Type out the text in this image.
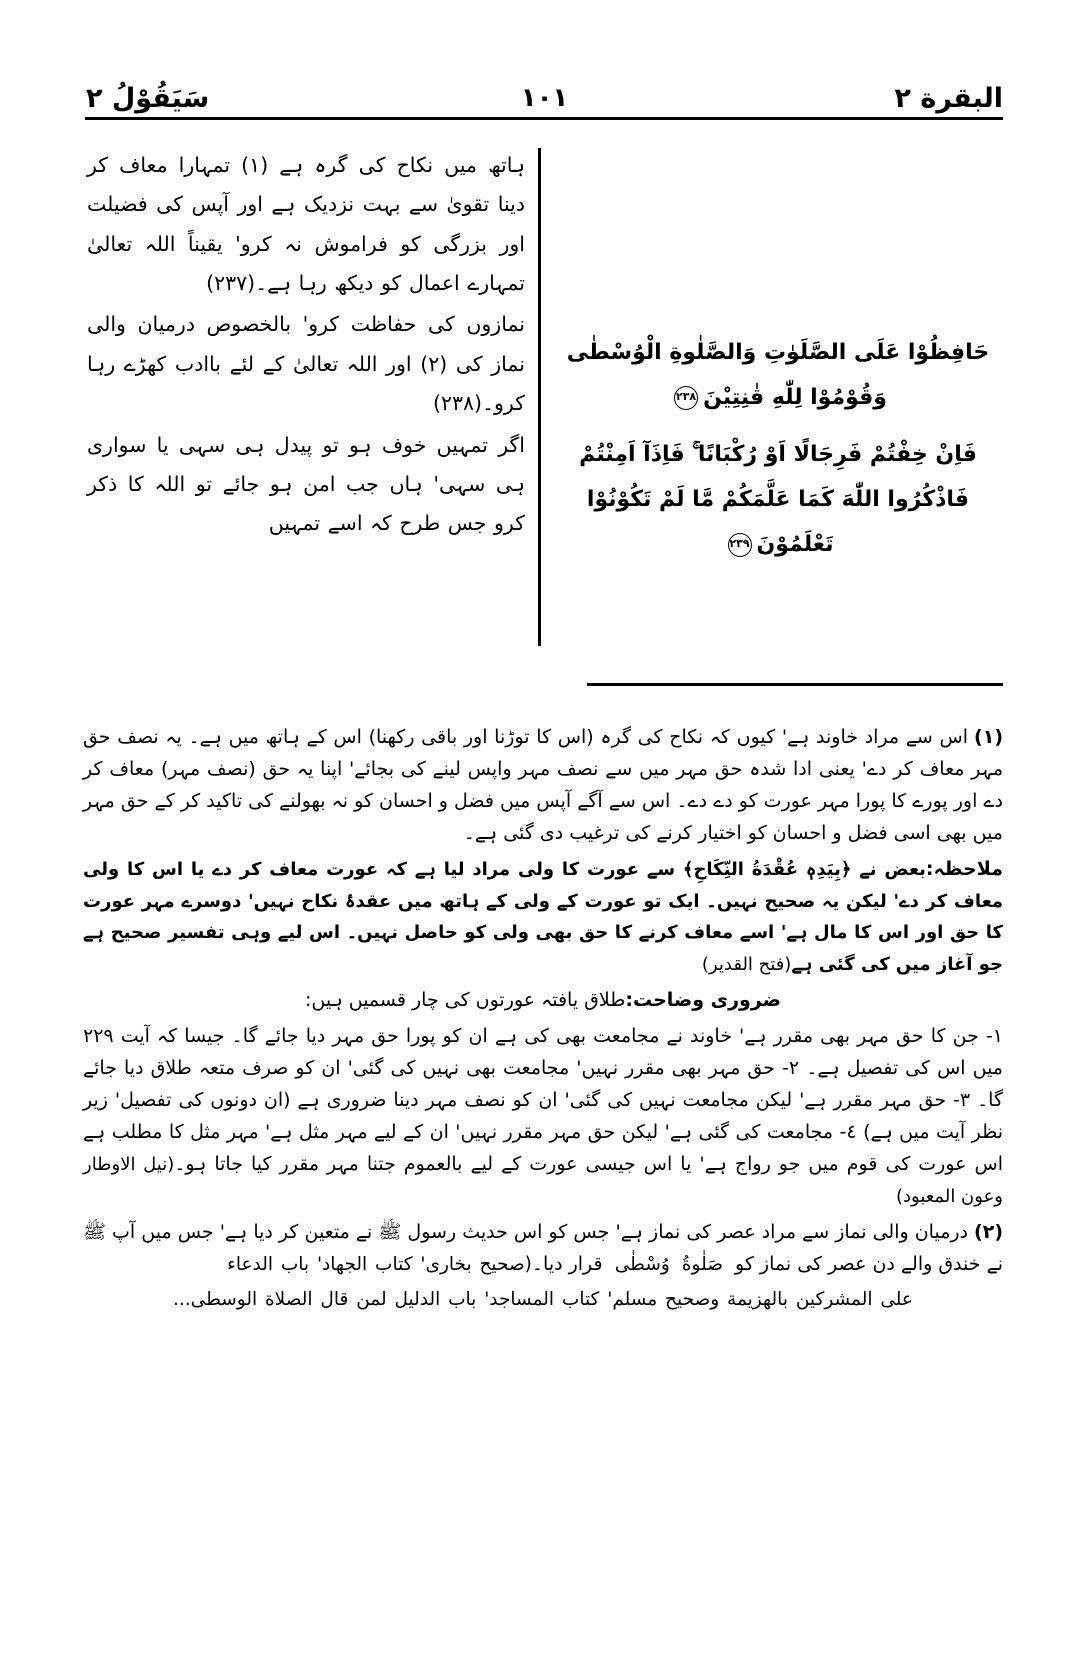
البقرة ٢
١٠١
سَيَقُوْلُ ٢

ہاتھ میں نکاح کی گرہ ہے (١) تمہارا معاف کر دینا تقویٰ سے بہت نزدیک ہے اور آپس کی فضیلت اور بزرگی کو فراموش نہ کرو' یقیناً اللہ تعالیٰ تمہارے اعمال کو دیکھ رہا ہے۔(٢٣٧)

نمازوں کی حفاظت کرو' بالخصوص درمیان والی نماز کی (٢) اور اللہ تعالیٰ کے لئے باادب کھڑے رہا کرو۔(٢٣٨)

اگر تمہیں خوف ہو تو پیدل ہی سہی یا سواری ہی سہی' ہاں جب امن ہو جائے تو اللہ کا ذکر کرو جس طرح کہ اسے تمہیں

حَافِظُوْا عَلَى الصَّلَوٰتِ وَالصَّلٰوةِ الْوُسْطٰى وَقُوْمُوْا لِلّٰهِ قٰنِتِيْنَ٢٣٨

فَاِنْ خِفْتُمْ فَرِجَالًا اَوْ رُكْبَانًا ۚ فَاِذَآ اَمِنْتُمْ فَاذْكُرُوا اللّٰهَ كَمَا عَلَّمَكُمْ مَّا لَمْ تَكُوْنُوْا تَعْلَمُوْنَ٢٣٩

(١)اس سے مراد خاوند ہے' کیوں کہ نکاح کی گرہ (اس کا توڑنا اور باقی رکھنا) اس کے ہاتھ میں ہے۔ یہ نصف حق مہر معاف کر دے' یعنی ادا شدہ حق مہر میں سے نصف مہر واپس لینے کی بجائے' اپنا یہ حق (نصف مہر) معاف کر دے اور پورے کا پورا مہر عورت کو دے دے۔ اس سے آگے آپس میں فضل و احسان کو نہ بھولنے کی تاکید کر کے حق مہر میں بھی اسی فضل و احسان کو اختیار کرنے کی ترغیب دی گئی ہے۔

ملاحظہ:بعض نے ﴿بِيَدِهٖ عُقْدَةُ النِّكَاحِ﴾ سے عورت کا ولی مراد لیا ہے کہ عورت معاف کر دے یا اس کا ولی معاف کر دے' لیکن یہ صحیح نہیں۔ ایک تو عورت کے ولی کے ہاتھ میں عقدۂ نکاح نہیں' دوسرے مہر عورت کا حق اور اس کا مال ہے' اسے معاف کرنے کا حق بھی ولی کو حاصل نہیں۔ اس لیے وہی تفسیر صحیح ہے جو آغاز میں کی گئی ہے(فتح القدیر)

ضروری وضاحت:طلاق یافتہ عورتوں کی چار قسمیں ہیں:

١- جن کا حق مہر بھی مقرر ہے' خاوند نے مجامعت بھی کی ہے ان کو پورا حق مہر دیا جائے گا۔ جیسا کہ آیت ٢٢٩ میں اس کی تفصیل ہے۔ ٢- حق مہر بھی مقرر نہیں' مجامعت بھی نہیں کی گئی' ان کو صرف متعہ طلاق دیا جائے گا۔ ٣- حق مہر مقرر ہے' لیکن مجامعت نہیں کی گئی' ان کو نصف مہر دینا ضروری ہے (ان دونوں کی تفصیل' زیر نظر آیت میں ہے) ٤- مجامعت کی گئی ہے' لیکن حق مہر مقرر نہیں' ان کے لیے مہر مثل ہے' مہر مثل کا مطلب ہے اس عورت کی قوم میں جو رواج ہے' یا اس جیسی عورت کے لیے بالعموم جتنا مہر مقرر کیا جاتا ہو۔(نیل الاوطار وعون المعبود)

(٢)درمیان والی نماز سے مراد عصر کی نماز ہے' جس کو اس حدیث رسول ﷺ نے متعین کر دیا ہے' جس میں آپ ﷺ نے خندق والے دن عصر کی نماز کو  صَلٰوةُ  وُسْطٰى  قرار دیا۔(صحیح بخاری' کتاب الجهاد' باب الدعاء

علی المشرکین بالهزیمة وصحیح مسلم' کتاب المساجد' باب الدلیل لمن قال الصلاة الوسطی...
